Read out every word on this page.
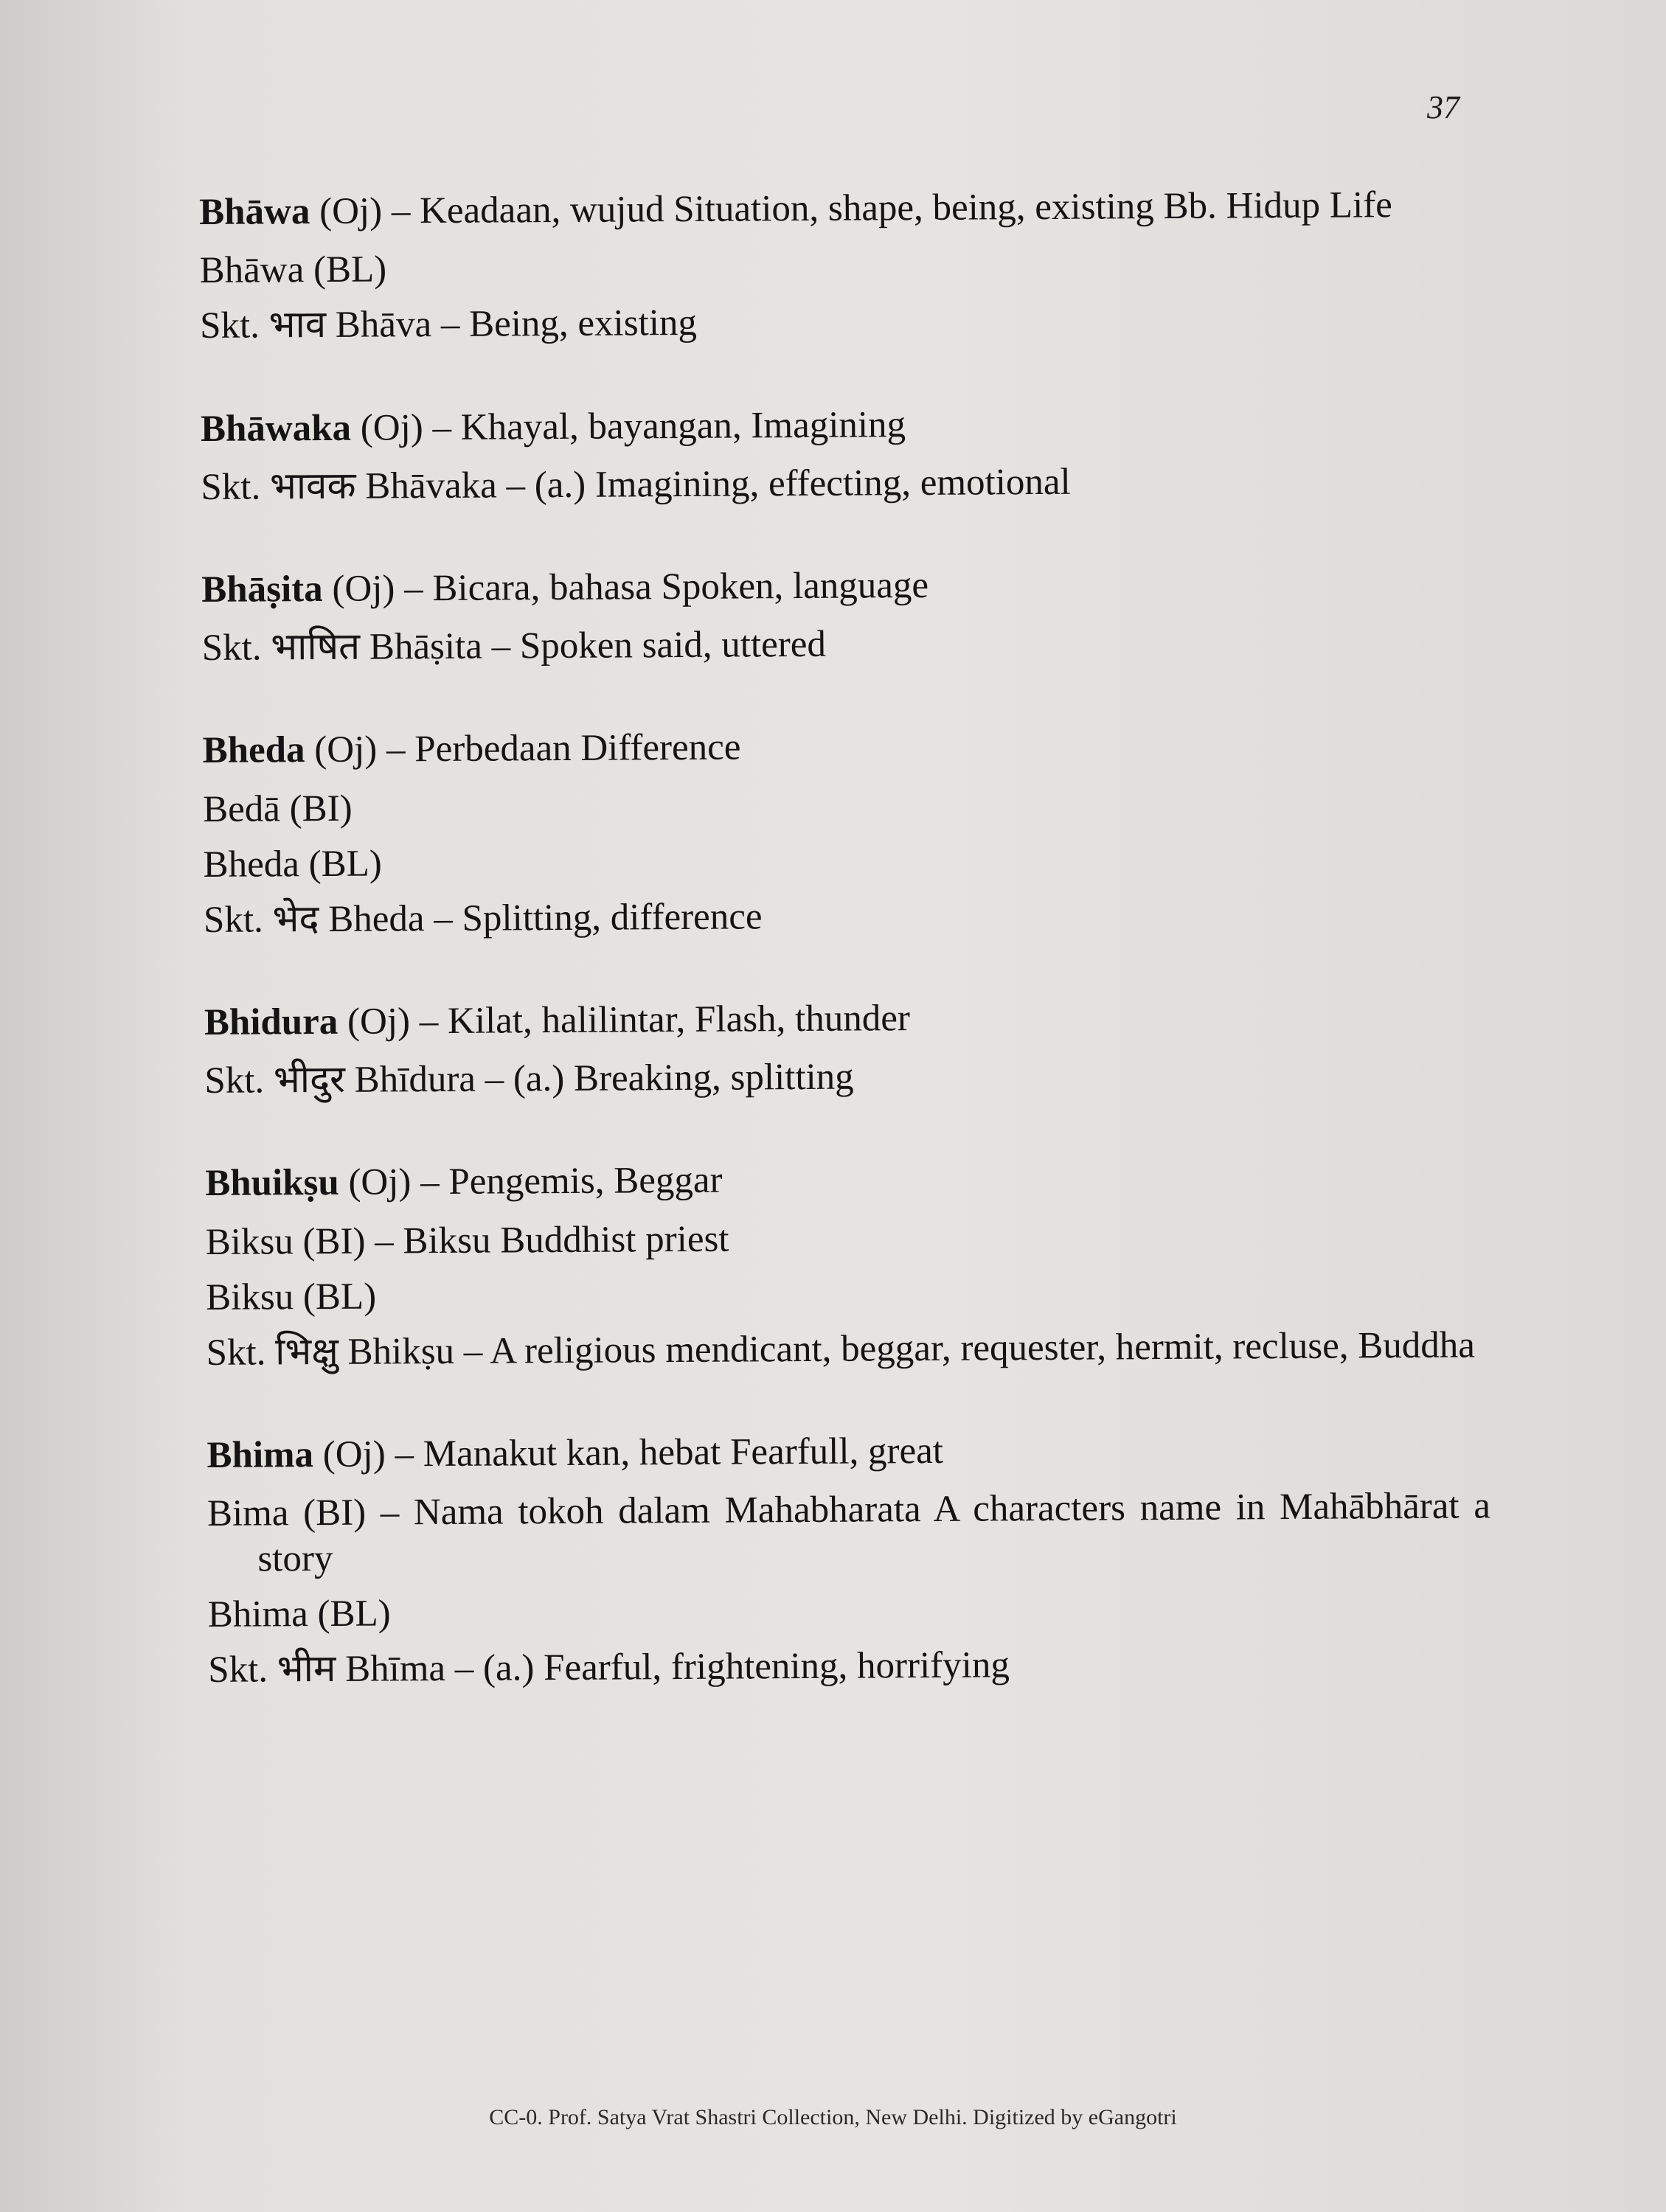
37

Bhāwa (Oj) – Keadaan, wujud Situation, shape, being, existing Bb. Hidup Life

Bhāwa (BL)

Skt. भाव Bhāva – Being, existing

Bhāwaka (Oj) – Khayal, bayangan, Imagining

Skt. भावक Bhāvaka – (a.) Imagining, effecting, emotional

Bhāṣita (Oj) – Bicara, bahasa Spoken, language

Skt. भाषित Bhāṣita – Spoken said, uttered

Bheda (Oj) – Perbedaan Difference

Bedā (BI)

Bheda (BL)

Skt. भेद Bheda – Splitting, difference

Bhidura (Oj) – Kilat, halilintar, Flash, thunder

Skt. भीदुर Bhīdura – (a.) Breaking, splitting

Bhuikṣu (Oj) – Pengemis, Beggar

Biksu (BI) – Biksu Buddhist priest

Biksu (BL)

Skt. भिक्षु Bhikṣu – A religious mendicant, beggar, requester, hermit, recluse, Buddha

Bhima (Oj) – Manakut kan, hebat Fearfull, great

Bima (BI) – Nama tokoh dalam Mahabharata A characters name in Mahābhārat a story

Bhima (BL)

Skt. भीम Bhīma – (a.) Fearful, frightening, horrifying

CC-0. Prof. Satya Vrat Shastri Collection, New Delhi. Digitized by eGangotri
